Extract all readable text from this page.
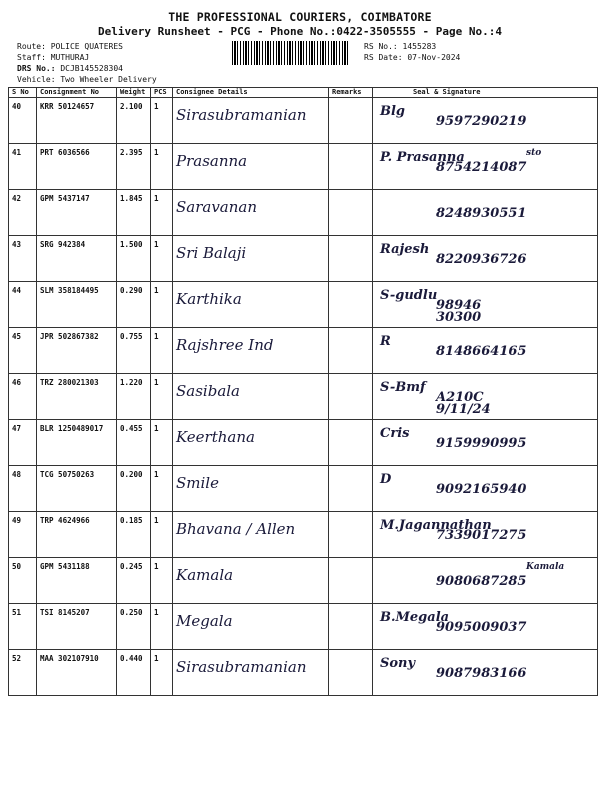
THE PROFESSIONAL COURIERS, COIMBATORE
Delivery Runsheet - PCG - Phone No.:0422-3505555 - Page No.:4
Route: POLICE QUATERES
Staff: MUTHURAJ
DRS No.: DCJB145528304
Vehicle: Two Wheeler Delivery
RS No.: 1455283
RS Date: 07-Nov-2024
S No	Consignment No	Weight	PCS	Consignee Details	Remarks	Seal & Signature
40	KRR 50124657	2.100	1	Sirasubramanian		Blg
9597290219

41	PRT 6036566	2.395	1	Prasanna		P. Prasanna
8754214087
sto

42	GPM 5437147	1.845	1	Saravanan		8248930551

43	SRG 942384	1.500	1	Sri Balaji		Rajesh
8220936726

44	SLM 358184495	0.290	1	Karthika		S-gudlu
98946
30300

45	JPR 502867382	0.755	1	Rajshree Ind		R
8148664165

46	TRZ 280021303	1.220	1	Sasibala		S-Bmf
A210C
9/11/24

47	BLR 1250489017	0.455	1	Keerthana		Cris
9159990995

48	TCG 50750263	0.200	1	Smile		D
9092165940

49	TRP 4624966	0.185	1	Bhavana / Allen		M.Jagannathan
7339017275

50	GPM 5431188	0.245	1	Kamala		9080687285
Kamala

51	TSI 8145207	0.250	1	Megala		B.Megala
9095009037

52	MAA 302107910	0.440	1	Sirasubramanian		Sony
9087983166
